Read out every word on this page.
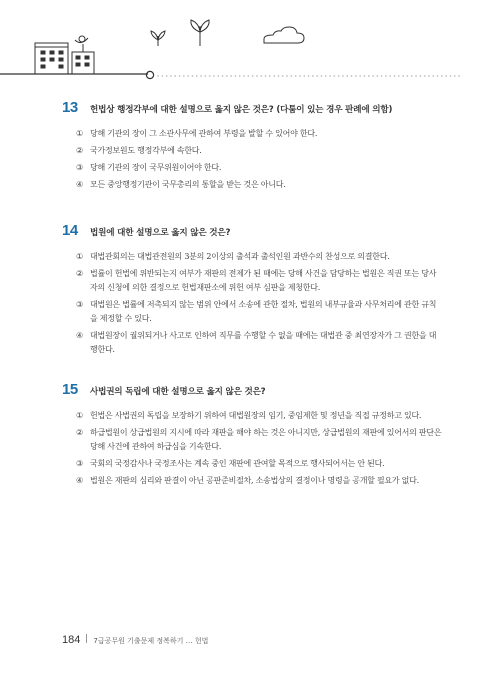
13	헌법상 행정각부에 대한 설명으로 옳지 않은 것은? (다툼이 있는 경우 판례에 의함)
① 당해 기관의 장이 그 소관사무에 관하여 부령을 발할 수 있어야 한다.
② 국가정보원도 행정각부에 속한다.
③ 당해 기관의 장이 국무위원이어야 한다.
④ 모든 중앙행정기관이 국무총리의 통할을 받는 것은 아니다.
14	법원에 대한 설명으로 옳지 않은 것은?
① 대법관회의는 대법관전원의 3분의 2이상의 출석과 출석인원 과반수의 찬성으로 의결한다.
② 법률이 헌법에 위반되는지 여부가 재판의 전제가 된 때에는 당해 사건을 담당하는 법원은 직권 또는 당사자의 신청에 의한 결정으로 헌법재판소에 위헌 여부 심판을 제청한다.
③ 대법원은 법률에 저촉되지 않는 범위 안에서 소송에 관한 절차, 법원의 내부규율과 사무처리에 관한 규칙을 제정할 수 있다.
④ 대법원장이 궐위되거나 사고로 인하여 직무를 수행할 수 없을 때에는 대법관 중 최연장자가 그 권한을 대행한다.
15	사법권의 독립에 대한 설명으로 옳지 않은 것은?
① 헌법은 사법권의 독립을 보장하기 위하여 대법원장의 임기, 중임제한 및 정년을 직접 규정하고 있다.
② 하급법원이 상급법원의 지시에 따라 재판을 해야 하는 것은 아니지만, 상급법원의 재판에 있어서의 판단은 당해 사건에 관하여 하급심을 기속한다.
③ 국회의 국정감사나 국정조사는 계속 중인 재판에 관여할 목적으로 행사되어서는 안 된다.
④ 법원은 재판의 심리와 판결이 아닌 공판준비절차, 소송법상의 결정이나 명령을 공개할 필요가 없다.
184 7급공무원 기출문제 정복하기 … 헌법
